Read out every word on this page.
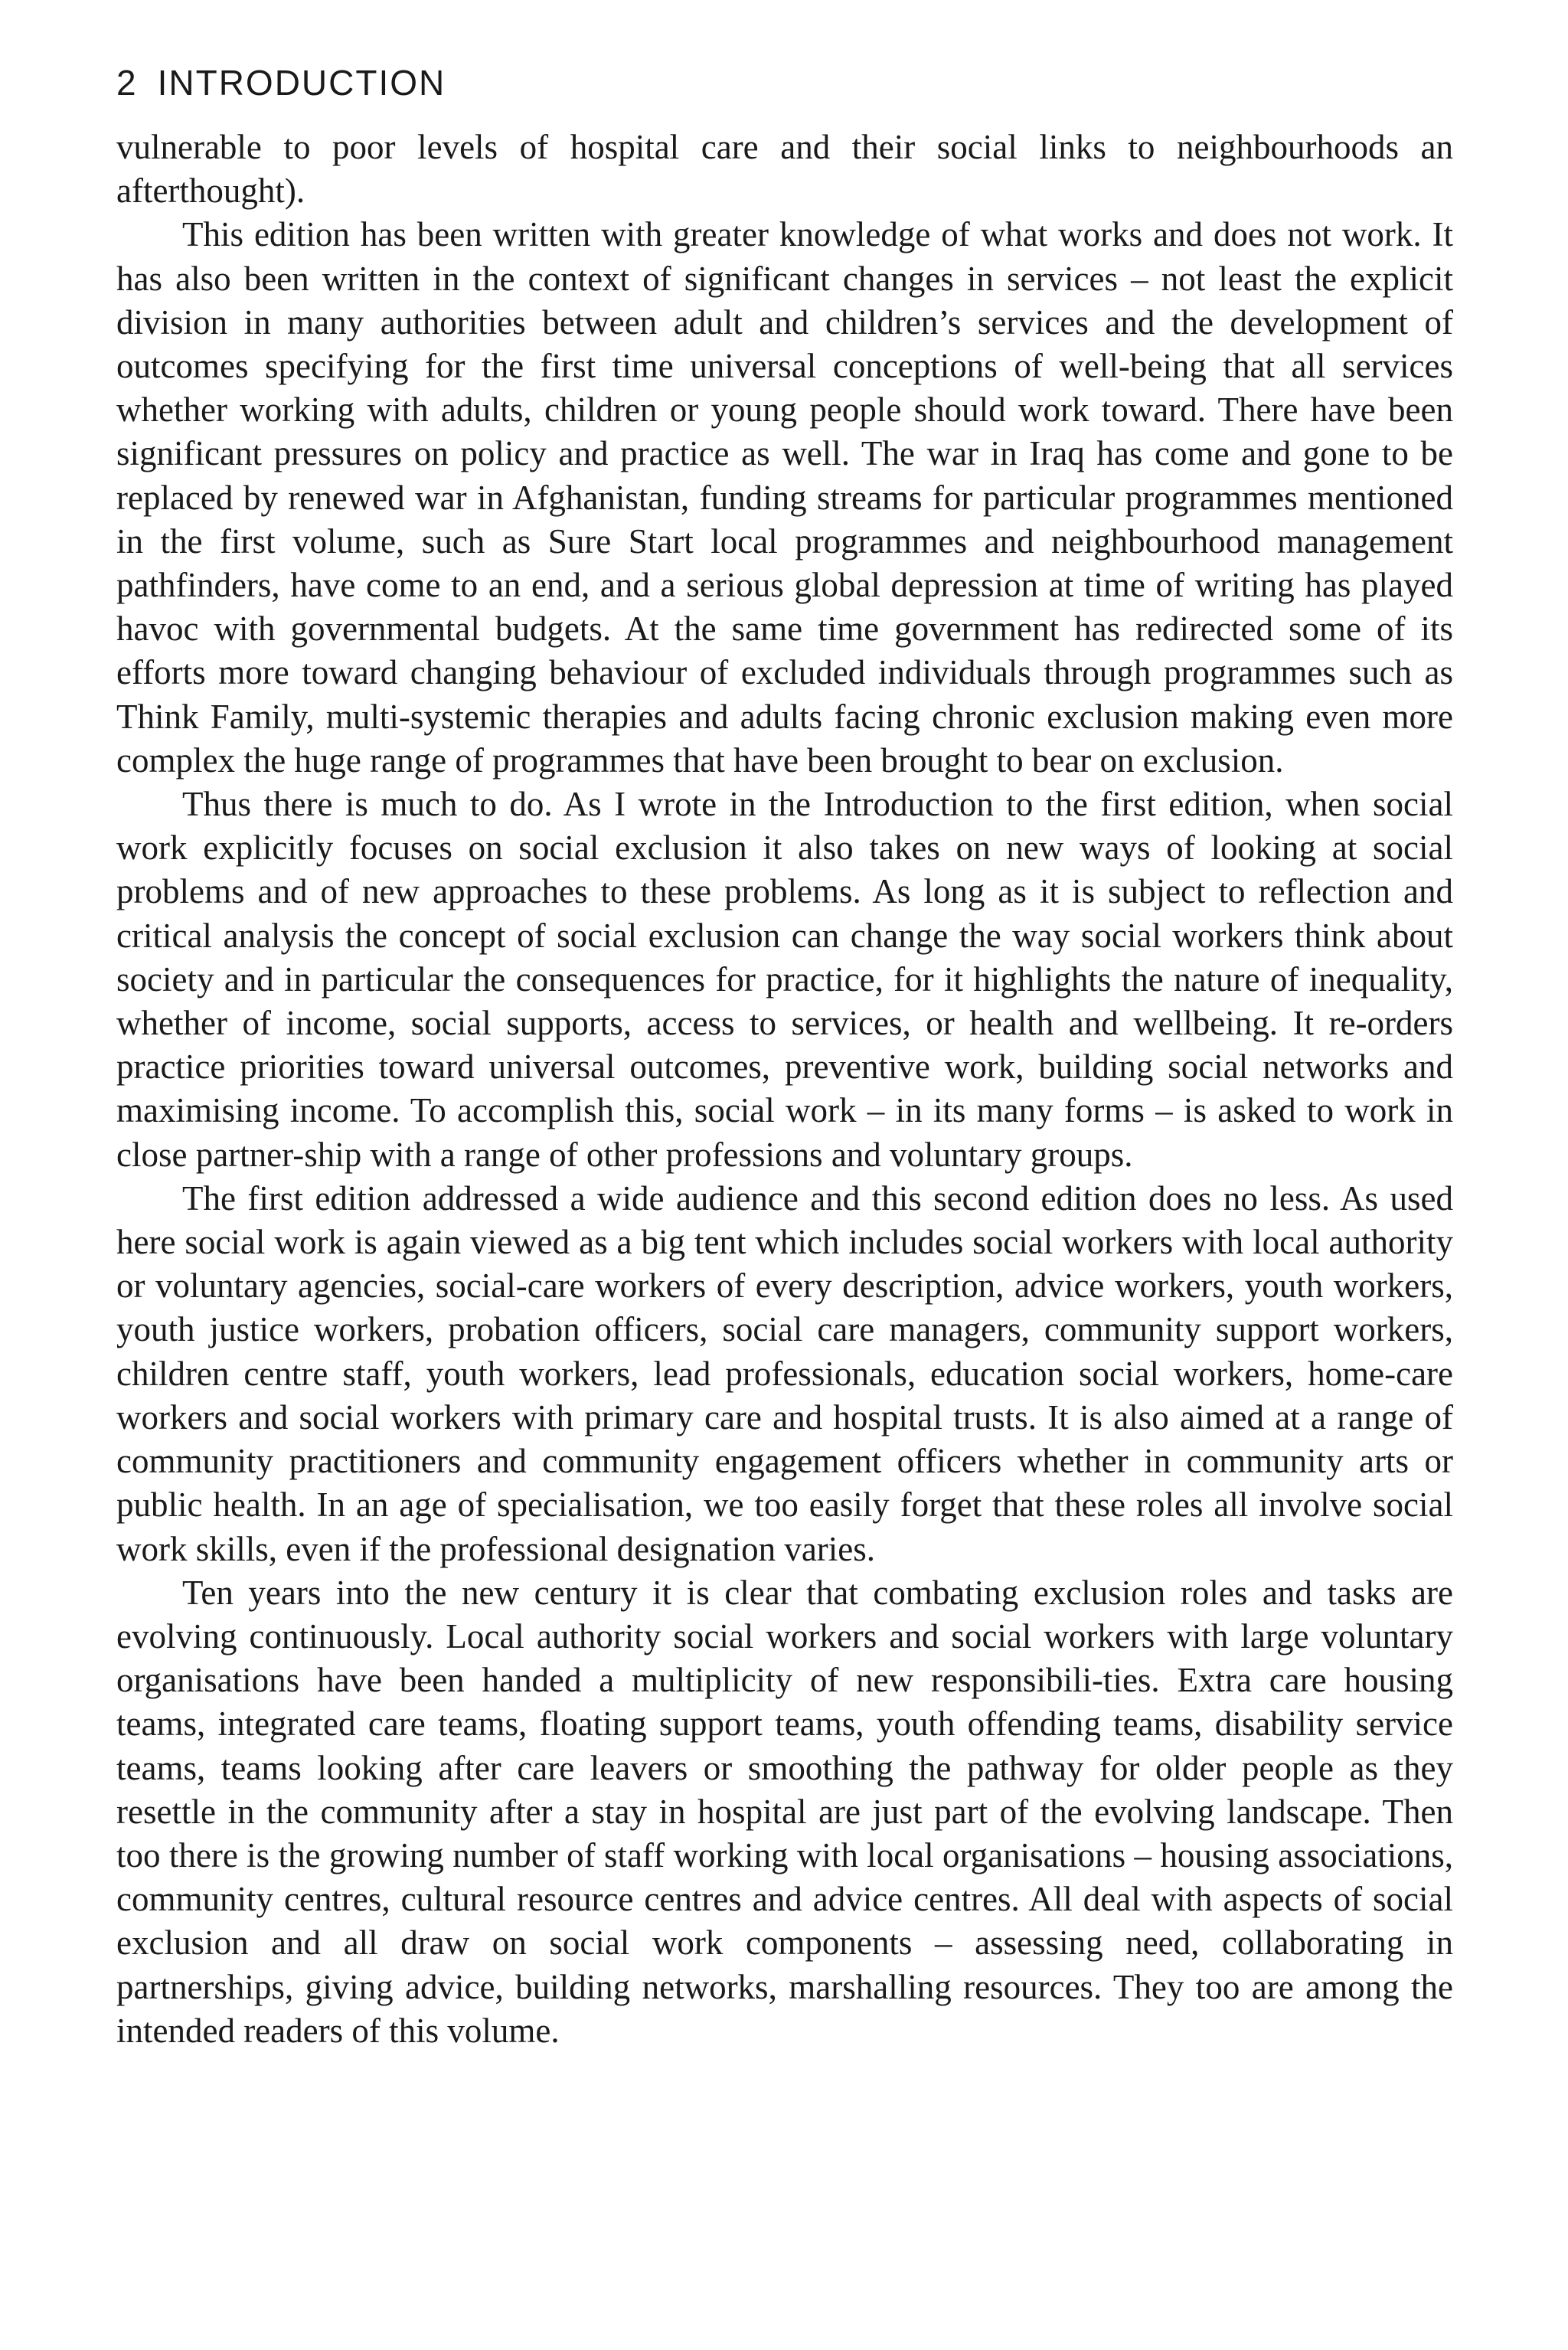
2 INTRODUCTION

vulnerable to poor levels of hospital care and their social links to neighbourhoods an afterthought).

This edition has been written with greater knowledge of what works and does not work. It has also been written in the context of significant changes in services – not least the explicit division in many authorities between adult and children’s services and the development of outcomes specifying for the first time universal conceptions of well-being that all services whether working with adults, children or young people should work toward. There have been significant pressures on policy and practice as well. The war in Iraq has come and gone to be replaced by renewed war in Afghanistan, funding streams for particular programmes mentioned in the first volume, such as Sure Start local programmes and neighbourhood management pathfinders, have come to an end, and a serious global depression at time of writing has played havoc with governmental budgets. At the same time government has redirected some of its efforts more toward changing behaviour of excluded individuals through programmes such as Think Family, multi-systemic therapies and adults facing chronic exclusion making even more complex the huge range of programmes that have been brought to bear on exclusion.

Thus there is much to do. As I wrote in the Introduction to the first edition, when social work explicitly focuses on social exclusion it also takes on new ways of looking at social problems and of new approaches to these problems. As long as it is subject to reflection and critical analysis the concept of social exclusion can change the way social workers think about society and in particular the consequences for practice, for it highlights the nature of inequality, whether of income, social supports, access to services, or health and wellbeing. It re-orders practice priorities toward universal outcomes, preventive work, building social networks and maximising income. To accomplish this, social work – in its many forms – is asked to work in close partner-ship with a range of other professions and voluntary groups.

The first edition addressed a wide audience and this second edition does no less. As used here social work is again viewed as a big tent which includes social workers with local authority or voluntary agencies, social-care workers of every description, advice workers, youth workers, youth justice workers, probation officers, social care managers, community support workers, children centre staff, youth workers, lead professionals, education social workers, home-care workers and social workers with primary care and hospital trusts. It is also aimed at a range of community practitioners and community engagement officers whether in community arts or public health. In an age of specialisation, we too easily forget that these roles all involve social work skills, even if the professional designation varies.

Ten years into the new century it is clear that combating exclusion roles and tasks are evolving continuously. Local authority social workers and social workers with large voluntary organisations have been handed a multiplicity of new responsibili-ties. Extra care housing teams, integrated care teams, floating support teams, youth offending teams, disability service teams, teams looking after care leavers or smoothing the pathway for older people as they resettle in the community after a stay in hospital are just part of the evolving landscape. Then too there is the growing number of staff working with local organisations – housing associations, community centres, cultural resource centres and advice centres. All deal with aspects of social exclusion and all draw on social work components – assessing need, collaborating in partnerships, giving advice, building networks, marshalling resources. They too are among the intended readers of this volume.
